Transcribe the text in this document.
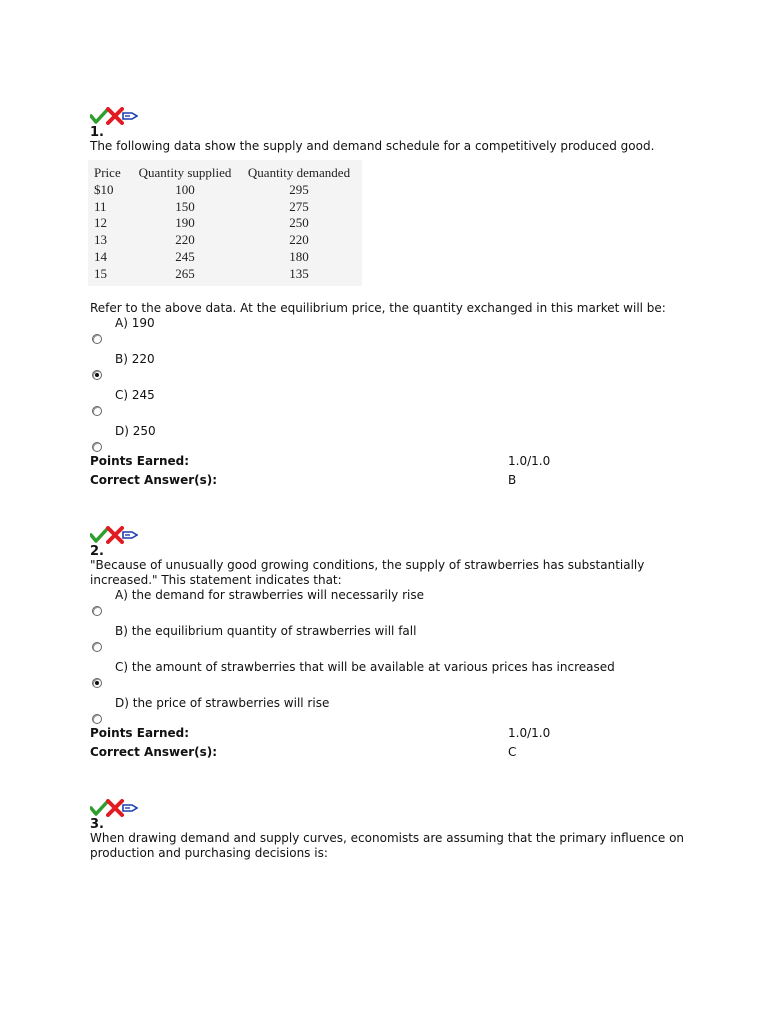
1.
The following data show the supply and demand schedule for a competitively produced good.
Price	Quantity supplied	Quantity demanded
$10	100	295
11	150	275
12	190	250
13	220	220
14	245	180
15	265	135
Refer to the above data. At the equilibrium price, the quantity exchanged in this market will be:
A) 190
B) 220
C) 245
D) 250
Points Earned:	1.0/1.0
Correct Answer(s):	B
2.
"Because of unusually good growing conditions, the supply of strawberries has substantially increased." This statement indicates that:
A) the demand for strawberries will necessarily rise
B) the equilibrium quantity of strawberries will fall
C) the amount of strawberries that will be available at various prices has increased
D) the price of strawberries will rise
Points Earned:	1.0/1.0
Correct Answer(s):	C
3.
When drawing demand and supply curves, economists are assuming that the primary influence on production and purchasing decisions is:
